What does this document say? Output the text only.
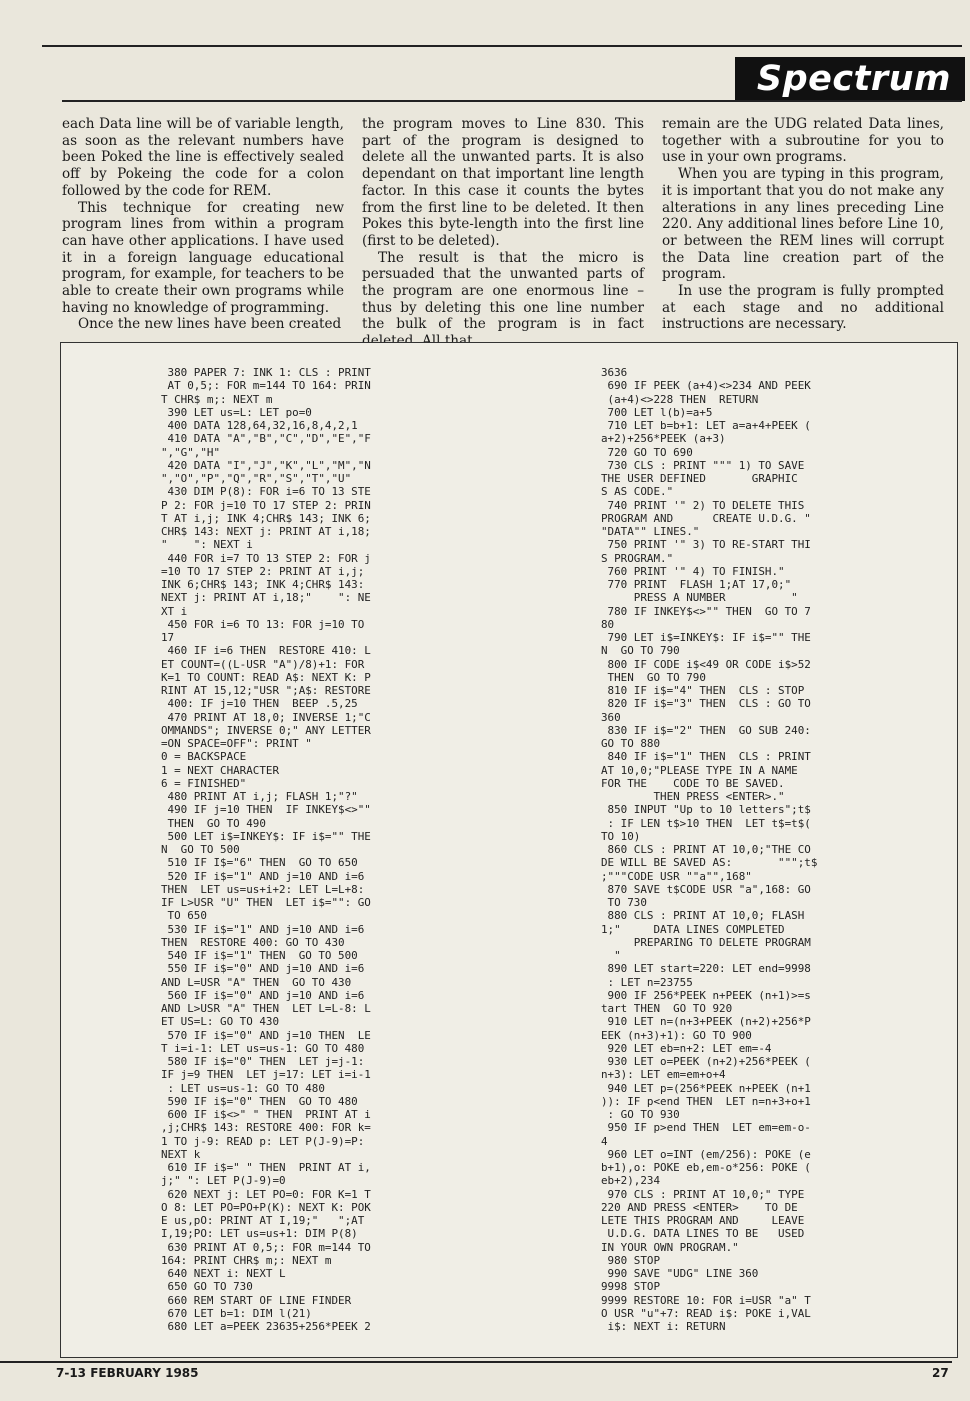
Spectrum

each Data line will be of variable length, as soon as the relevant numbers have been Poked the line is effectively sealed off by Pokeing the code for a colon followed by the code for REM.

This technique for creating new program lines from within a program can have other applications. I have used it in a foreign language educational program, for example, for teachers to be able to create their own programs while having no knowledge of programming.

Once the new lines have been created

the program moves to Line 830. This part of the program is designed to delete all the unwanted parts. It is also dependant on that important line length factor. In this case it counts the bytes from the first line to be deleted. It then Pokes this byte-length into the first line (first to be deleted).

The result is that the micro is persuaded that the unwanted parts of the program are one enormous line – thus by deleting this one line number the bulk of the program is in fact

remain are the UDG related Data lines, together with a subroutine for you to use in your own programs.

When you are typing in this program, it is important that you do not make any alterations in any lines preceding Line 220. Any additional lines before Line 10, or between the REM lines will corrupt the Data line creation part of the program.

In use the program is fully prompted at each stage and no additional instructions are necessary.

380 PAPER 7: INK 1: CLS : PRINT
AT 0,5;: FOR m=144 TO 164: PRIN
T CHR$ m;: NEXT m
390 LET us=L: LET po=0
400 DATA 128,64,32,16,8,4,2,1
410 DATA "A","B","C","D","E","F
","G","H"
420 DATA "I","J","K","L","M","N
","O","P","Q","R","S","T","U"
430 DIM P(8): FOR i=6 TO 13 STE
P 2: FOR j=10 TO 17 STEP 2: PRIN
T AT i,j; INK 4;CHR$ 143; INK 6;
CHR$ 143: NEXT j: PRINT AT i,18;
"    ": NEXT i
440 FOR i=7 TO 13 STEP 2: FOR j
=10 TO 17 STEP 2: PRINT AT i,j;
INK 6;CHR$ 143; INK 4;CHR$ 143:
NEXT j: PRINT AT i,18;"    ": NE
XT i
450 FOR i=6 TO 13: FOR j=10 TO
17
460 IF i=6 THEN  RESTORE 410: L
ET COUNT=((L-USR "A")/8)+1: FOR
K=1 TO COUNT: READ A$: NEXT K: P
RINT AT 15,12;"USR ";A$: RESTORE
400: IF j=10 THEN  BEEP .5,25
470 PRINT AT 18,0; INVERSE 1;"C
OMMANDS"; INVERSE 0;" ANY LETTER
=ON SPACE=OFF": PRINT "
0 = BACKSPACE
1 = NEXT CHARACTER
6 = FINISHED"
480 PRINT AT i,j; FLASH 1;"?"
490 IF j=10 THEN  IF INKEY$<>""
THEN  GO TO 490
500 LET i$=INKEY$: IF i$="" THE
N  GO TO 500
510 IF I$="6" THEN  GO TO 650
520 IF i$="1" AND j=10 AND i=6
THEN  LET us=us+i+2: LET L=L+8:
IF L>USR "U" THEN  LET i$="": GO
TO 650
530 IF i$="1" AND j=10 AND i=6
THEN  RESTORE 400: GO TO 430
540 IF i$="1" THEN  GO TO 500
550 IF i$="0" AND j=10 AND i=6
AND L=USR "A" THEN  GO TO 430
560 IF i$="0" AND j=10 AND i=6
AND L>USR "A" THEN  LET L=L-8: L
ET US=L: GO TO 430
570 IF i$="0" AND j=10 THEN  LE
T i=i-1: LET us=us-1: GO TO 480
580 IF i$="0" THEN  LET j=j-1:
IF j=9 THEN  LET j=17: LET i=i-1
: LET us=us-1: GO TO 480
590 IF i$="0" THEN  GO TO 480
600 IF i$<>" " THEN  PRINT AT i
,j;CHR$ 143: RESTORE 400: FOR k=
1 TO j-9: READ p: LET P(J-9)=P:
NEXT k
610 IF i$=" " THEN  PRINT AT i,
j;" ": LET P(J-9)=0
620 NEXT j: LET PO=0: FOR K=1 T
O 8: LET PO=PO+P(K): NEXT K: POK
E us,pO: PRINT AT I,19;"   ";AT
I,19;PO: LET us=us+1: DIM P(8)
630 PRINT AT 0,5;: FOR m=144 TO
164: PRINT CHR$ m;: NEXT m
640 NEXT i: NEXT L
650 GO TO 730
660 REM START OF LINE FINDER
670 LET b=1: DIM l(21)
680 LET a=PEEK 23635+256*PEEK 2
3636
690 IF PEEK (a+4)<>234 AND PEEK
(a+4)<>228 THEN  RETURN
700 LET l(b)=a+5
710 LET b=b+1: LET a=a+4+PEEK (
a+2)+256*PEEK (a+3)
720 GO TO 690
730 CLS : PRINT """ 1) TO SAVE
THE USER DEFINED       GRAPHIC
S AS CODE."
740 PRINT '" 2) TO DELETE THIS
PROGRAM AND      CREATE U.D.G. "
"DATA"" LINES."
750 PRINT '" 3) TO RE-START THI
S PROGRAM."
760 PRINT '" 4) TO FINISH."
770 PRINT  FLASH 1;AT 17,0;"
PRESS A NUMBER          "
780 IF INKEY$<>"" THEN  GO TO 7
80
790 LET i$=INKEY$: IF i$="" THE
N  GO TO 790
800 IF CODE i$<49 OR CODE i$>52
THEN  GO TO 790
810 IF i$="4" THEN  CLS : STOP
820 IF i$="3" THEN  CLS : GO TO
360
830 IF i$="2" THEN  GO SUB 240:
GO TO 880
840 IF i$="1" THEN  CLS : PRINT
AT 10,0;"PLEASE TYPE IN A NAME
FOR THE    CODE TO BE SAVED.
THEN PRESS <ENTER>."
850 INPUT "Up to 10 letters";t$
: IF LEN t$>10 THEN  LET t$=t$(
TO 10)
860 CLS : PRINT AT 10,0;"THE CO
DE WILL BE SAVED AS:       """;t$
;"""CODE USR ""a"",168"
870 SAVE t$CODE USR "a",168: GO
TO 730
880 CLS : PRINT AT 10,0; FLASH
1;"     DATA LINES COMPLETED
PREPARING TO DELETE PROGRAM
"
890 LET start=220: LET end=9998
: LET n=23755
900 IF 256*PEEK n+PEEK (n+1)>=s
tart THEN  GO TO 920
910 LET n=(n+3+PEEK (n+2)+256*P
EEK (n+3)+1): GO TO 900
920 LET eb=n+2: LET em=-4
930 LET o=PEEK (n+2)+256*PEEK (
n+3): LET em=em+o+4
940 LET p=(256*PEEK n+PEEK (n+1
)): IF p<end THEN  LET n=n+3+o+1
: GO TO 930
950 IF p>end THEN  LET em=em-o-
4
960 LET o=INT (em/256): POKE (e
b+1),o: POKE eb,em-o*256: POKE (
eb+2),234
970 CLS : PRINT AT 10,0;" TYPE
220 AND PRESS <ENTER>    TO DE
LETE THIS PROGRAM AND     LEAVE
U.D.G. DATA LINES TO BE   USED
IN YOUR OWN PROGRAM."
980 STOP
990 SAVE "UDG" LINE 360
9998 STOP
9999 RESTORE 10: FOR i=USR "a" T
O USR "u"+7: READ i$: POKE i,VAL
i$: NEXT i: RETURN
7-13 FEBRUARY 1985	27
